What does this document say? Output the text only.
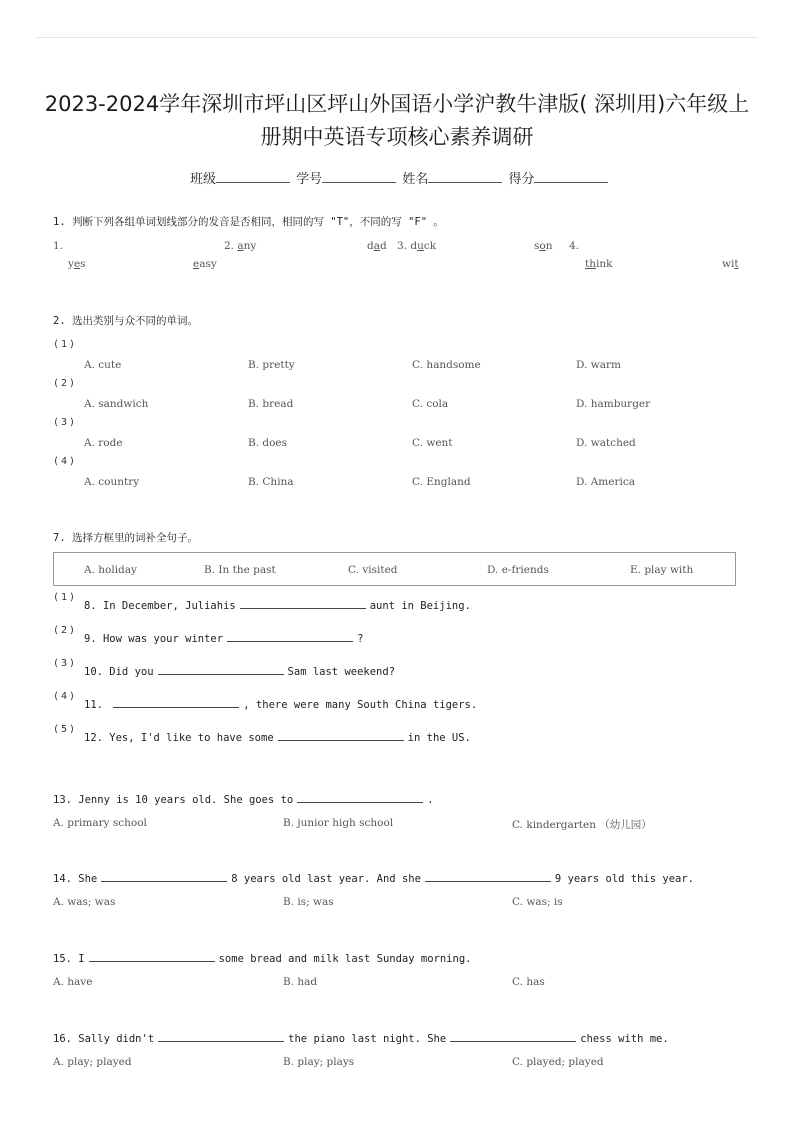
2023-2024学年深圳市坪山区坪山外国语小学沪教牛津版( 深圳用)六年级上
册期中英语专项核心素养调研
班级	学号	姓名	得分
1. 判断下列各组单词划线部分的发音是否相同，相同的写 "T"，不同的写 "F" 。
1.	2. any	dad 3. duck	son 4.
yes	easy	think	wit
2. 选出类别与众不同的单词。
(1)
A. cute	B. pretty	C. handsome	D. warm
(2)
A. sandwich	B. bread	C. cola	D. hamburger
(3)
A. rode	B. does	C. went	D. watched
(4)
A. country	B. China	C. England	D. America
7. 选择方框里的词补全句子。
A. holiday	B. In the past	C. visited	D. e-friends	E. play with
(1)
8. In December, Juliahis	aunt in Beijing.
(2)
9. How was your winter	?
(3)
10. Did you	Sam last weekend?
(4)
11.	, there were many South China tigers.
(5)
12. Yes, I'd like to have some	in the US.
13. Jenny is 10 years old. She goes to	.
A. primary school	B. junior high school	C. kindergarten （幼儿园）
14. She	8 years old last year. And she	9 years old this year.
A. was; was	B. is; was	C. was; is
15. I	some bread and milk last Sunday morning.
A. have	B. had	C. has
16. Sally didn't	the piano last night. She	chess with me.
A. play; played	B. play; plays	C. played; played
